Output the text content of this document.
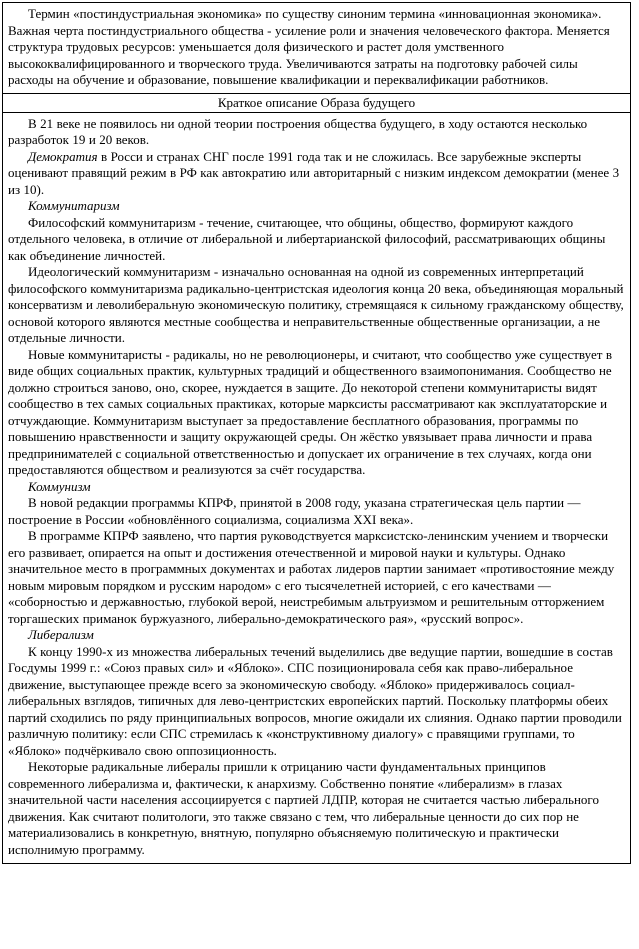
Термин «постиндустриальная экономика» по существу синоним термина «инновационная экономика». Важная черта постиндустриального общества - усиление роли и значения человеческого фактора. Меняется структура трудовых ресурсов: уменьшается доля физического и растет доля умственного высококвалифицированного и творческого труда. Увеличиваются затраты на подготовку рабочей силы расходы на обучение и образование, повышение квалификации и переквалификации работников.

Краткое описание Образа будущего

В 21 веке не появилось ни одной теории построения общества будущего, в ходу остаются несколько разработок 19 и 20 веков.

Демократия в Росси и странах СНГ после 1991 года так и не сложилась. Все зарубежные эксперты оценивают правящий режим в РФ как автократию или авторитарный с низким индексом демократии (менее 3 из 10).

Коммунитаризм

Философский коммунитаризм - течение, считающее, что общины, общество, формируют каждого отдельного человека, в отличие от либеральной и либертарианской философий, рассматривающих общины как объединение личностей.

Идеологический коммунитаризм - изначально основанная на одной из современных интерпретаций философского коммунитаризма радикально-центристская идеология конца 20 века, объединяющая моральный консерватизм и леволиберальную экономическую политику, стремящаяся к сильному гражданскому обществу, основой которого являются местные сообщества и неправительственные общественные организации, а не отдельные личности.

Новые коммунитаристы - радикалы, но не революционеры, и считают, что сообщество уже существует в виде общих социальных практик, культурных традиций и общественного взаимопонимания. Сообщество не должно строиться заново, оно, скорее, нуждается в защите. До некоторой степени коммунитаристы видят сообщество в тех самых социальных практиках, которые марксисты рассматривают как эксплуататорские и отчуждающие. Коммунитаризм выступает за предоставление бесплатного образования, программы по повышению нравственности и защиту окружающей среды. Он жёстко увязывает права личности и права предпринимателей с социальной ответственностью и допускает их ограничение в тех случаях, когда они предоставляются обществом и реализуются за счёт государства.

Коммунизм

В новой редакции программы КПРФ, принятой в 2008 году, указана стратегическая цель партии — построение в России «обновлённого социализма, социализма XXI века».

В программе КПРФ заявлено, что партия руководствуется марксистско-ленинским учением и творчески его развивает, опирается на опыт и достижения отечественной и мировой науки и культуры. Однако значительное место в программных документах и работах лидеров партии занимает «противостояние между новым мировым порядком и русским народом» с его тысячелетней историей, с его качествами — «соборностью и державностью, глубокой верой, неистребимым альтруизмом и решительным отторжением торгашеских приманок буржуазного, либерально-демократического рая», «русский вопрос».

Либерализм

К концу 1990-х из множества либеральных течений выделились две ведущие партии, вошедшие в состав Госдумы 1999 г.: «Союз правых сил» и «Яблоко». СПС позиционировала себя как право-либеральное движение, выступающее прежде всего за экономическую свободу. «Яблоко» придерживалось социал-либеральных взглядов, типичных для лево-центристских европейских партий. Поскольку платформы обеих партий сходились по ряду принципиальных вопросов, многие ожидали их слияния. Однако партии проводили различную политику: если СПС стремилась к «конструктивному диалогу» с правящими группами, то «Яблоко» подчёркивало свою оппозиционность.

Некоторые радикальные либералы пришли к отрицанию части фундаментальных принципов современного либерализма и, фактически, к анархизму. Собственно понятие «либерализм» в глазах значительной части населения ассоциируется с партией ЛДПР, которая не считается частью либерального движения. Как считают политологи, это также связано с тем, что либеральные ценности до сих пор не материализовались в конкретную, внятную, популярно объясняемую политическую и практически исполнимую программу.
